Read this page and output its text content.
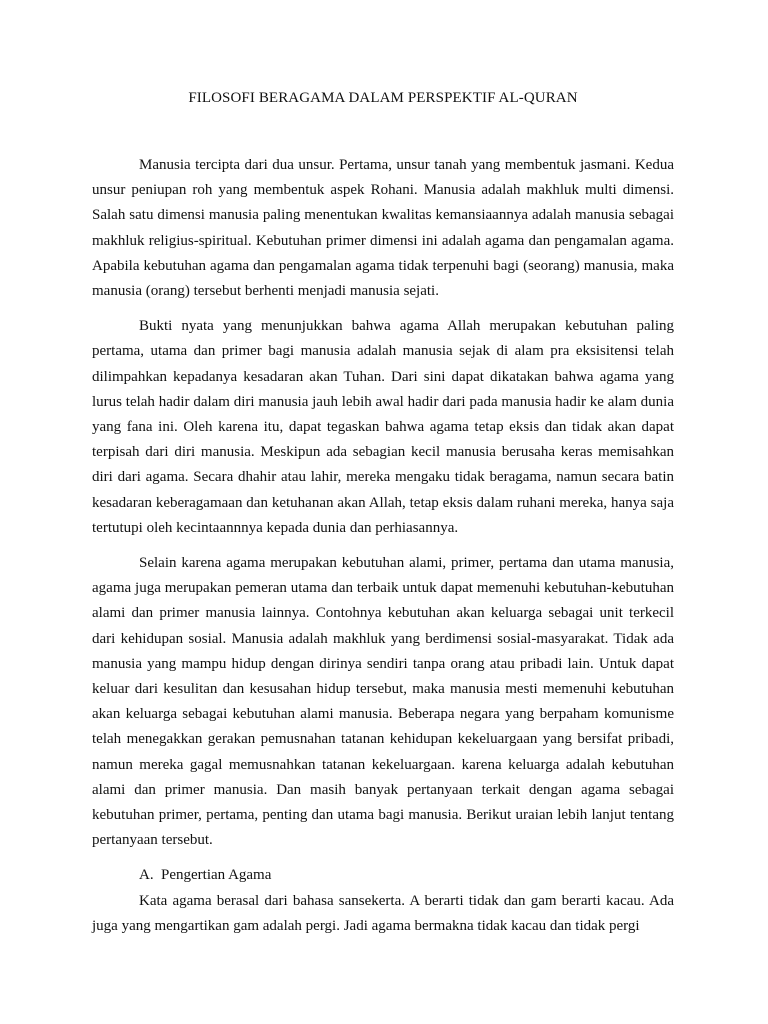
FILOSOFI BERAGAMA DALAM PERSPEKTIF AL-QURAN

Manusia tercipta dari dua unsur. Pertama, unsur tanah yang membentuk jasmani. Kedua unsur peniupan roh yang membentuk aspek Rohani. Manusia adalah makhluk multi dimensi. Salah satu dimensi manusia paling menentukan kwalitas kemansiaannya adalah manusia sebagai makhluk religius-spiritual. Kebutuhan primer dimensi ini adalah agama dan pengamalan agama. Apabila kebutuhan agama dan pengamalan agama tidak terpenuhi bagi (seorang) manusia, maka manusia (orang) tersebut berhenti menjadi manusia sejati.

Bukti nyata yang menunjukkan bahwa agama Allah merupakan kebutuhan paling pertama, utama dan primer bagi manusia adalah manusia sejak di alam pra eksisitensi telah dilimpahkan kepadanya kesadaran akan Tuhan. Dari sini dapat dikatakan bahwa agama yang lurus telah hadir dalam diri manusia jauh lebih awal hadir dari pada manusia hadir ke alam dunia yang fana ini. Oleh karena itu, dapat tegaskan bahwa agama tetap eksis dan tidak akan dapat terpisah dari diri manusia. Meskipun ada sebagian kecil manusia berusaha keras memisahkan diri dari agama. Secara dhahir atau lahir, mereka mengaku tidak beragama, namun secara batin kesadaran keberagamaan dan ketuhanan akan Allah, tetap eksis dalam ruhani mereka, hanya saja tertutupi oleh kecintaannnya kepada dunia dan perhiasannya.

Selain karena agama merupakan kebutuhan alami, primer, pertama dan utama manusia, agama juga merupakan pemeran utama dan terbaik untuk dapat memenuhi kebutuhan-kebutuhan alami dan primer manusia lainnya. Contohnya kebutuhan akan keluarga sebagai unit terkecil dari kehidupan sosial. Manusia adalah makhluk yang berdimensi sosial-masyarakat. Tidak ada manusia yang mampu hidup dengan dirinya sendiri tanpa orang atau pribadi lain. Untuk dapat keluar dari kesulitan dan kesusahan hidup tersebut, maka manusia mesti memenuhi kebutuhan akan keluarga sebagai kebutuhan alami manusia. Beberapa negara yang berpaham komunisme telah menegakkan gerakan pemusnahan tatanan kehidupan kekeluargaan yang bersifat pribadi, namun mereka gagal memusnahkan tatanan kekeluargaan. karena keluarga adalah kebutuhan alami dan primer manusia. Dan masih banyak pertanyaan terkait dengan agama sebagai kebutuhan primer, pertama, penting dan utama bagi manusia. Berikut uraian lebih lanjut tentang pertanyaan tersebut.

A. Pengertian Agama

Kata agama berasal dari bahasa sansekerta. A berarti tidak dan gam berarti kacau. Ada juga yang mengartikan gam adalah pergi. Jadi agama bermakna tidak kacau dan tidak pergi
